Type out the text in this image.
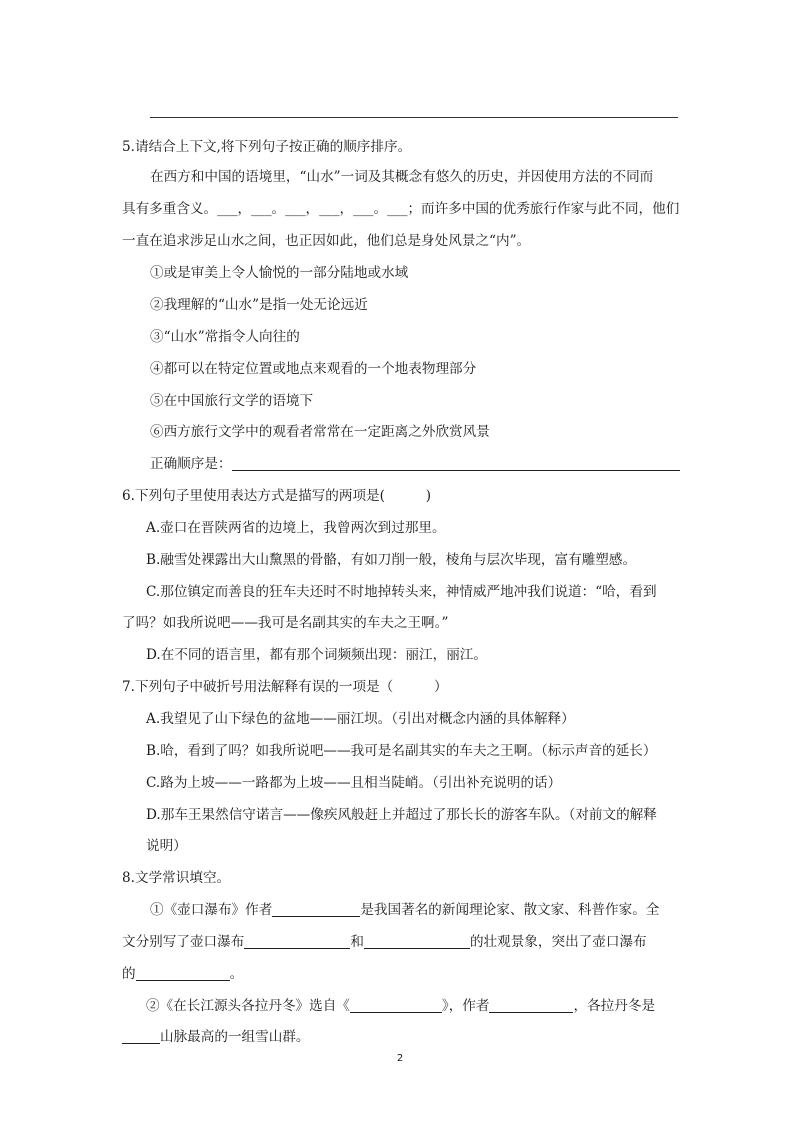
5.请结合上下文,将下列句子按正确的顺序排序。

在西方和中国的语境里，“山水”一词及其概念有悠久的历史，并因使用方法的不同而

具有多重含义。___，___。___，___，___。___；而许多中国的优秀旅行作家与此不同，他们

一直在追求涉足山水之间，也正因如此，他们总是身处风景之“内”。

①或是审美上令人愉悦的一部分陆地或水域

②我理解的“山水”是指一处无论远近

③“山水”常指令人向往的

④都可以在特定位置或地点来观看的一个地表物理部分

⑤在中国旅行文学的语境下

⑥西方旅行文学中的观看者常常在一定距离之外欣赏风景

正确顺序是：

6.下列句子里使用表达方式是描写的两项是(　　　)

A.壶口在晋陕两省的边境上，我曾两次到过那里。

B.融雪处裸露出大山黧黑的骨骼，有如刀削一般，棱角与层次毕现，富有雕塑感。

C.那位镇定而善良的狂车夫还时不时地掉转头来，神情威严地冲我们说道：“哈，看到

了吗？如我所说吧——我可是名副其实的车夫之王啊。”

D.在不同的语言里，都有那个词频频出现：丽江，丽江。

7.下列句子中破折号用法解释有误的一项是（　　　）

A.我望见了山下绿色的盆地——丽江坝。（引出对概念内涵的具体解释）

B.哈，看到了吗？如我所说吧——我可是名副其实的车夫之王啊。（标示声音的延长）

C.路为上坡——一路都为上坡——且相当陡峭。（引出补充说明的话）

D.那车王果然信守诺言——像疾风般赶上并超过了那长长的游客车队。（对前文的解释

说明）

8.文学常识填空。

①《壶口瀑布》作者	是我国著名的新闻理论家、散文家、科普作家。全

文分别写了壶口瀑布	和	的壮观景象，突出了壶口瀑布

的	。

②《在长江源头各拉丹冬》选自《	》，作者	，各拉丹冬是

山脉最高的一组雪山群。

2
